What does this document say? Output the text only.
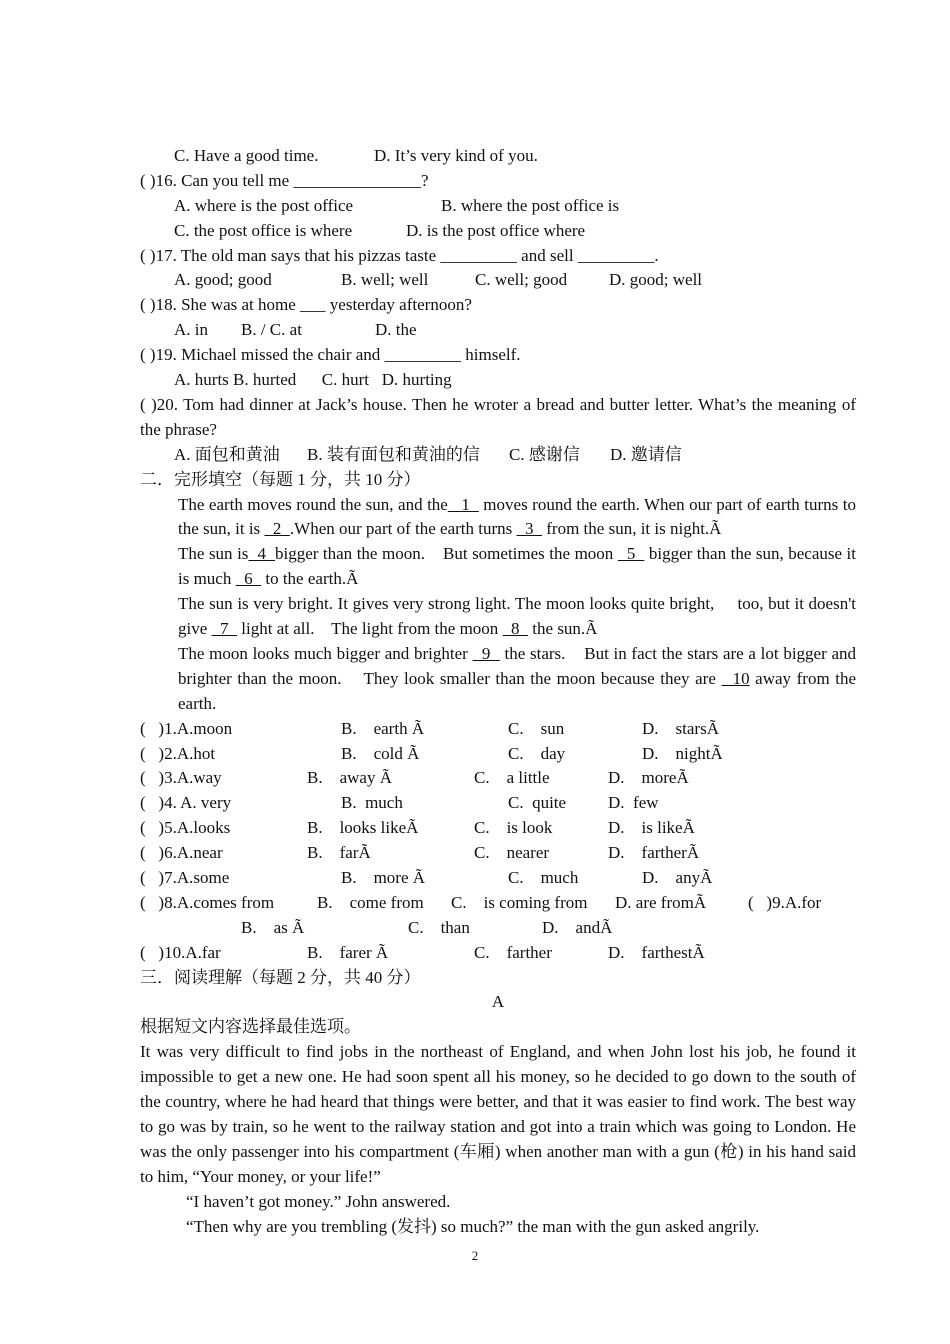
C. Have a good time.	D. It’s very kind of you.
( )16. Can you tell me _______________?
A. where is the post office	B. where the post office is
C. the post office is where	D. is the post office where
( )17. The old man says that his pizzas taste _________ and sell _________.
A. good; good	B. well; well	C. well; good	D. good; well
( )18. She was at home ___ yesterday afternoon?
A. in	B. / C. at	D. the
( )19. Michael missed the chair and _________ himself.
A. hurts B. hurted      C. hurt   D. hurting
( )20. Tom had dinner at Jack’s house. Then he wroter a bread and butter letter. What’s the meaning of the phrase?
A. 面包和黄油	B. 装有面包和黄油的信	C. 感谢信	D. 邀请信
二．完形填空（每题 1 分，共 10 分）
The earth moves round the sun, and the   1   moves round the earth. When our part of earth turns to the sun, it is   2  .When our part of the earth turns   3   from the sun, it is night.Ã
The sun is  4  bigger than the moon.    But sometimes the moon   5   bigger than the sun, because it is much   6   to the earth.Ã
The sun is very bright. It gives very strong light. The moon looks quite bright,     too, but it doesn't give   7   light at all.    The light from the moon   8   the sun.Ã
The moon looks much bigger and brighter   9   the stars.    But in fact the stars are a lot bigger and brighter than the moon.    They look smaller than the moon because they are   10 away from the earth.
(   )1.A.moon	B.    earth Ã	C.    sun	D.    starsÃ
(   )2.A.hot	B.    cold Ã	C.    day	D.    nightÃ
(   )3.A.way	B.    away Ã	C.    a little	D.    moreÃ
(   )4. A. very	B.  much	C.  quite	D.  few
(   )5.A.looks	B.    looks likeÃ	C.    is look	D.    is likeÃ
(   )6.A.near	B.    farÃ	C.    nearer	D.    fartherÃ
(   )7.A.some	B.    more Ã	C.    much	D.    anyÃ
(   )8.A.comes from	B.    come from	C.    is coming from	D. are fromÃ	(   )9.A.for
B.    as Ã	C.    than	D.    andÃ
(   )10.A.far	B.    farer Ã	C.    farther	D.    farthestÃ
三．阅读理解（每题 2 分，共 40 分）
A
根据短文内容选择最佳选项。
It was very difficult to find jobs in the northeast of England, and when John lost his job, he found it impossible to get a new one. He had soon spent all his money, so he decided to go down to the south of the country, where he had heard that things were better, and that it was easier to find work. The best way to go was by train, so he went to the railway station and got into a train which was going to London. He was the only passenger into his compartment (车厢) when another man with a gun (枪) in his hand said to him, “Your money, or your life!”
“I haven’t got money.” John answered.
“Then why are you trembling (发抖) so much?” the man with the gun asked angrily.
2
